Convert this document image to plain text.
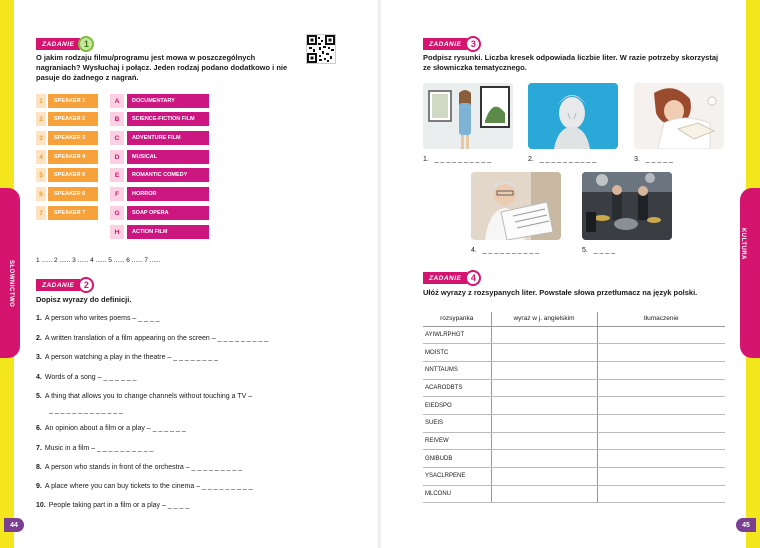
SŁOWNICTWO
KULTURA
44	45
ZADANIE	1
O jakim rodzaju filmu/programu jest mowa w poszczególnych nagraniach? Wysłuchaj i połącz. Jeden rodzaj podano dodatkowo i nie pasuje do żadnego z nagrań.
1	SPEAKER 1
2	SPEAKER 2
3	SPEAKER 3
4	SPEAKER 4
5	SPEAKER 5
6	SPEAKER 6
7	SPEAKER 7
A	DOCUMENTARY
B	SCIENCE-FICTION FILM
C	ADVENTURE FILM
D	MUSICAL
E	ROMANTIC COMEDY
F	HORROR
G	SOAP OPERA
H	ACTION FILM
1 ...... 2 ...... 3 ...... 4 ...... 5 ...... 6 ...... 7 ......
ZADANIE	2
Dopisz wyrazy do definicji.
1. A person who writes poems – _ _ _ _
2. A written translation of a film appearing on the screen – _ _ _ _ _ _ _ _ _
3. A person watching a play in the theatre – _ _ _ _ _ _ _ _
4. Words of a song – _ _ _ _ _ _
5. A thing that allows you to change channels without touching a TV –
_ _ _ _ _ _ _ _ _ _ _ _ _
6. An opinion about a film or a play – _ _ _ _ _ _
7. Music in a film – _ _ _ _ _ _ _ _ _ _
8. A person who stands in front of the orchestra – _ _ _ _ _ _ _ _ _
9. A place where you can buy tickets to the cinema – _ _ _ _ _ _ _ _ _
10. People taking part in a film or a play – _ _ _ _
ZADANIE	3
Podpisz rysunki. Liczba kresek odpowiada liczbie liter. W razie potrzeby skorzystaj ze słowniczka tematycznego.
1. _ _ _ _ _ _ _ _ _ _	2. _ _ _ _ _ _ _ _ _ _	3. _ _ _ _ _
4. _ _ _ _ _ _ _ _ _ _	5. _ _ _ _
ZADANIE	4
Ułóż wyrazy z rozsypanych liter. Powstałe słowa przetłumacz na język polski.
rozsypanka	wyraz w j. angielskim	tłumaczenie
AYIWLRPHGT		
MOISTC		
NNTTAUMS		
ACARODBTS		
EIEDSPO		
SUEIS		
REIVEW		
GNIBUDB		
YSACLRPENE		
MLCONU		
